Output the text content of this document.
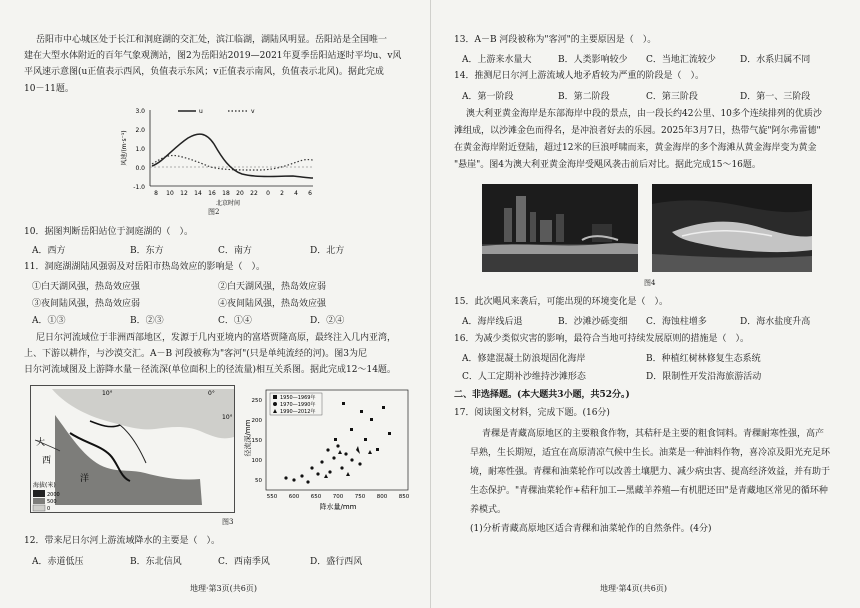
岳阳市中心城区处于长江和洞庭湖的交汇处，滨江临湖，湖陆风明显。岳阳站是全国唯一
建在大型水体附近的百年气象观测站，图2为岳阳站2019—2021年夏季岳阳站逐时平均u、v风
平风速示意图(u正值表示西风，负值表示东风；v正值表示南风，负值表示北风)。据此完成
10－11题。
3.0
2.0
1.0
0.0
-1.0
风速/(m·s⁻¹)
u	v
8 10 12 14 16 18 20 22 0 2 4 6
北京时间
图2
10．据图判断岳阳站位于洞庭湖的（　）。
A．西方	B．东方	C．南方	D．北方
11．洞庭湖湖陆风强弱及对岳阳市热岛效应的影响是（　）。
①白天湖风强，热岛效应强	②白天湖风强，热岛效应弱
③夜间陆风强，热岛效应弱	④夜间陆风强，热岛效应强
A．①③	B．②③	C．①④	D．②④
尼日尔河流域位于非洲西部地区，发源于几内亚境内的富塔贾隆高原，最终注入几内亚湾，
上、下游以耕作，与沙漠交汇。A－B 河段被称为"客河"(只是单纯流经的河)。图3为尼
日尔河流域图及上游降水量－径流深(单位面积上的径流量)相互关系图。据此完成12～14题。
大
西
洋
10°	0°
10°
海拔(米)
2000
500
0
径流深/mm
250
200
150
100
50
550 600 650 700 750 800 850
降水量/mm
1950—1969年
1970—1990年
1990—2012年
图3
12．带来尼日尔河上游流域降水的主要是（　）。
A．赤道低压	B．东北信风	C．西南季风	D．盛行西风
地理·第3页(共6页)
13．A－B 河段被称为"客河"的主要原因是（　）。
A．上游来水量大	B．人类影响较少 C．当地汇流较少	D．水系归属不同
14．推测尼日尔河上游流域人地矛盾较为严重的阶段是（　）。
A．第一阶段	B．第二阶段	C．第三阶段	D．第一、三阶段
澳大利亚黄金海岸是东部海岸中段的景点，由一段长约42公里、10多个连续排列的优质沙
滩组成，以沙滩金色而得名，是冲浪者好去的乐园。2025年3月7日，热带气旋"阿尔弗雷德"
在黄金海岸附近登陆，超过12米的巨浪呼啸而来，黄金海岸的多个海滩从黄金海岸变为黄金
"悬崖"。图4为澳大利亚黄金海岸受飓风袭击前后对比。据此完成15～16题。
图4
15．此次飓风来袭后，可能出现的环境变化是（　）。
A．海岸线后退	B．沙滩沙砾变细 C．海蚀柱增多	D．海水盐度升高
16．为减少类似灾害的影响，最符合当地可持续发展原则的措施是（　）。
A．修建混凝土防浪堤固化海岸	B．种植红树林修复生态系统
C．人工定期补沙维持沙滩形态	D．限制性开发沿海旅游活动
二、非选择题。(本大题共3小题，共52分。)
17．阅读图文材料，完成下题。(16分)
青稞是青藏高原地区的主要粮食作物，其秸秆是主要的粗食饲料。青稞耐寒性强，高产
早熟，生长期短，适宜在高原清凉气候中生长。油菜是一种油料作物，喜冷凉及阳光充足环
境，耐寒性强。青稞和油菜轮作可以改善土壤肥力、减少病虫害、提高经济效益，并有助于
生态保护。"青稞油菜轮作+秸秆加工—黑藏羊养殖—有机肥还田"是青藏地区常见的循环种
养模式。
(1)分析青藏高原地区适合青稞和油菜轮作的自然条件。(4分)
地理·第4页(共6页)
